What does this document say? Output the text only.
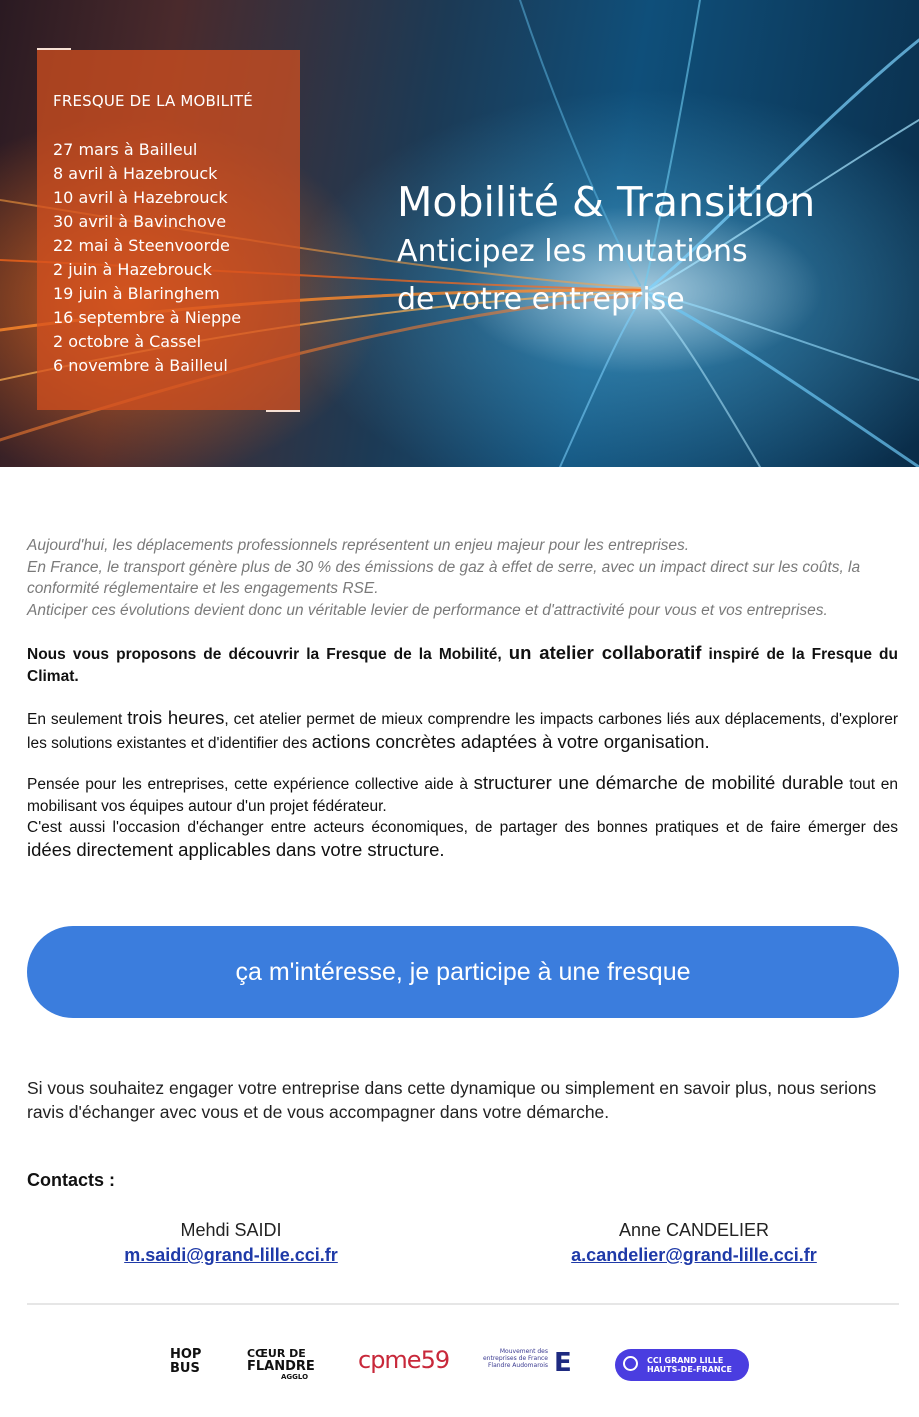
FRESQUE DE LA MOBILITÉ
27 mars à Bailleul
8 avril à Hazebrouck
10 avril à Hazebrouck
30 avril à Bavinchove
22 mai à Steenvoorde
2 juin à Hazebrouck
19 juin à Blaringhem
16 septembre à Nieppe
2 octobre à Cassel
6 novembre à Bailleul
Mobilité & Transition
Anticipez les mutations
de votre entreprise

Aujourd'hui, les déplacements professionnels représentent un enjeu majeur pour les entreprises.
En France, le transport génère plus de 30 % des émissions de gaz à effet de serre, avec un impact direct sur les coûts, la conformité réglementaire et les engagements RSE.
Anticiper ces évolutions devient donc un véritable levier de performance et d'attractivité pour vous et vos entreprises.

Nous vous proposons de découvrir la Fresque de la Mobilité, un atelier collaboratif inspiré de la Fresque du Climat.

En seulement trois heures, cet atelier permet de mieux comprendre les impacts carbones liés aux déplacements, d'explorer les solutions existantes et d'identifier des actions concrètes adaptées à votre organisation.

Pensée pour les entreprises, cette expérience collective aide à structurer une démarche de mobilité durable tout en mobilisant vos équipes autour d'un projet fédérateur.
C'est aussi l'occasion d'échanger entre acteurs économiques, de partager des bonnes pratiques et de faire émerger des idées directement applicables dans votre structure.

ça m'intéresse, je participe à une fresque

Si vous souhaitez engager votre entreprise dans cette dynamique ou simplement en savoir plus, nous serions ravis d'échanger avec vous et de vous accompagner dans votre démarche.

Contacts :
Mehdi SAIDI
m.saidi@grand-lille.cci.fr
Anne CANDELIER
a.candelier@grand-lille.cci.fr
HOP BUS
CŒUR DE
FLANDRE
AGGLO
cpme59	Mouvement des entreprises de France Flandre Audomarois E	CCI GRAND LILLE
HAUTS-DE-FRANCE
